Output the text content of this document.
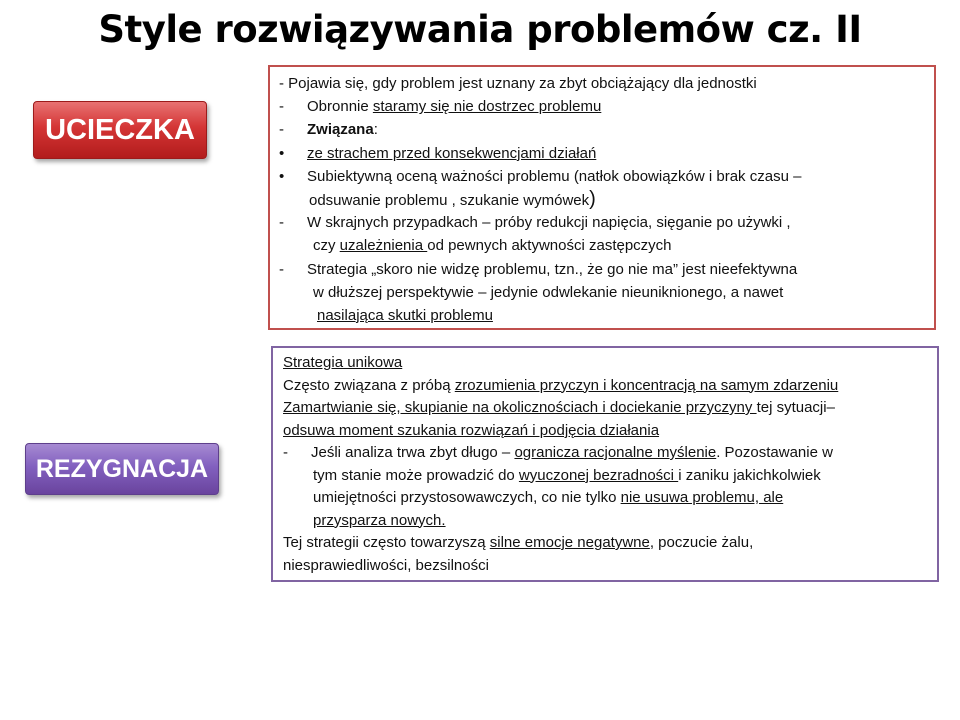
Style rozwiązywania problemów cz. II
UCIECZKA
REZYGNACJA
- Pojawia się, gdy problem jest uznany za zbyt obciążający dla jednostki
- Obronnie staramy się nie dostrzec problemu
- Związana:
• ze strachem przed konsekwencjami działań
• Subiektywną oceną ważności problemu (natłok obowiązków i brak czasu –
odsuwanie problemu , szukanie wymówek)
- W skrajnych przypadkach – próby redukcji napięcia, sięganie po używki ,
czy uzależnienia od pewnych aktywności zastępczych
- Strategia „skoro nie widzę problemu, tzn., że go nie ma” jest nieefektywna
w dłuższej perspektywie – jedynie odwlekanie nieuniknionego, a nawet
nasilająca skutki problemu
Strategia unikowa
Często związana z próbą zrozumienia przyczyn i koncentracją na samym zdarzeniu
Zamartwianie się, skupianie na okolicznościach i dociekanie przyczyny tej sytuacji–
odsuwa moment szukania rozwiązań i podjęcia działania
- Jeśli analiza trwa zbyt długo – ogranicza racjonalne myślenie. Pozostawanie w
tym stanie może prowadzić do wyuczonej bezradności i zaniku jakichkolwiek
umiejętności przystosowawczych, co nie tylko nie usuwa problemu, ale
przysparza nowych.
Tej strategii często towarzyszą silne emocje negatywne, poczucie żalu,
niesprawiedliwości, bezsilności
